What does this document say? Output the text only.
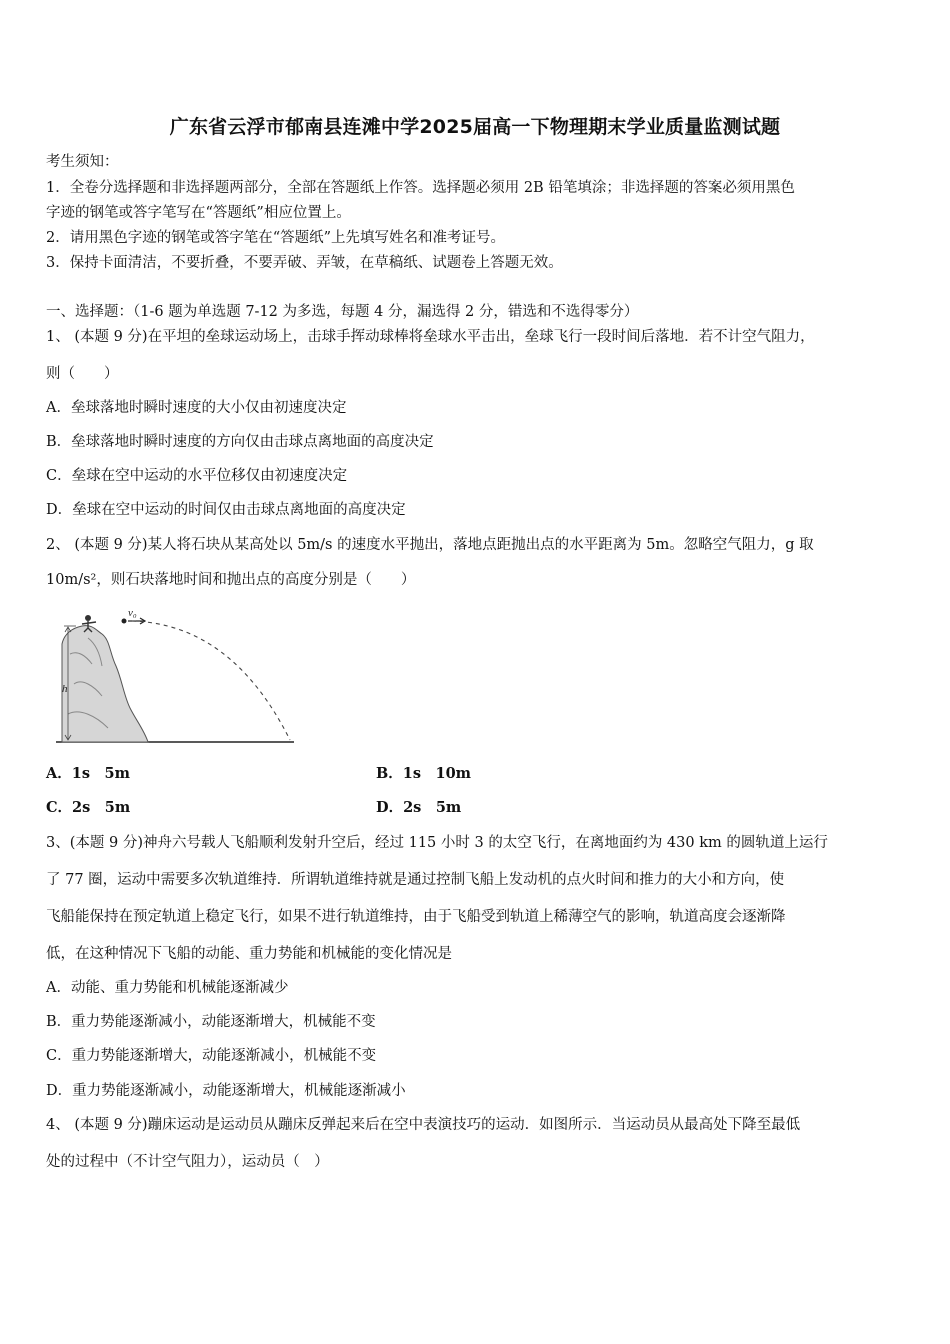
广东省云浮市郁南县连滩中学2025届高一下物理期末学业质量监测试题
考生须知：
1．全卷分选择题和非选择题两部分，全部在答题纸上作答。选择题必须用 2B 铅笔填涂；非选择题的答案必须用黑色
字迹的钢笔或答字笔写在“答题纸”相应位置上。
2．请用黑色字迹的钢笔或答字笔在“答题纸”上先填写姓名和准考证号。
3．保持卡面清洁，不要折叠，不要弄破、弄皱，在草稿纸、试题卷上答题无效。
一、选择题：（1-6 题为单选题 7-12 为多选，每题 4 分，漏选得 2 分，错选和不选得零分）
1、 (本题 9 分)在平坦的垒球运动场上，击球手挥动球棒将垒球水平击出，垒球飞行一段时间后落地．若不计空气阻力，
则（　　）
A．垒球落地时瞬时速度的大小仅由初速度决定
B．垒球落地时瞬时速度的方向仅由击球点离地面的高度决定
C．垒球在空中运动的水平位移仅由初速度决定
D．垒球在空中运动的时间仅由击球点离地面的高度决定
2、 (本题 9 分)某人将石块从某高处以 5m/s 的速度水平抛出，落地点距抛出点的水平距离为 5m。忽略空气阻力，g 取
10m/s²，则石块落地时间和抛出点的高度分别是（　　）
h
v₀
A．1s　5m	B．1s　10m
C．2s　5m	D．2s　5m
3、(本题 9 分)神舟六号载人飞船顺利发射升空后，经过 115 小时 3 的太空飞行，在离地面约为 430 km 的圆轨道上运行
了 77 圈，运动中需要多次轨道维持．所谓轨道维持就是通过控制飞船上发动机的点火时间和推力的大小和方向，使
飞船能保持在预定轨道上稳定飞行，如果不进行轨道维持，由于飞船受到轨道上稀薄空气的影响，轨道高度会逐渐降
低，在这种情况下飞船的动能、重力势能和机械能的变化情况是
A．动能、重力势能和机械能逐渐减少
B．重力势能逐渐减小，动能逐渐增大，机械能不变
C．重力势能逐渐增大，动能逐渐减小，机械能不变
D．重力势能逐渐减小，动能逐渐增大，机械能逐渐减小
4、 (本题 9 分)蹦床运动是运动员从蹦床反弹起来后在空中表演技巧的运动．如图所示．当运动员从最高处下降至最低
处的过程中（不计空气阻力），运动员（　）
